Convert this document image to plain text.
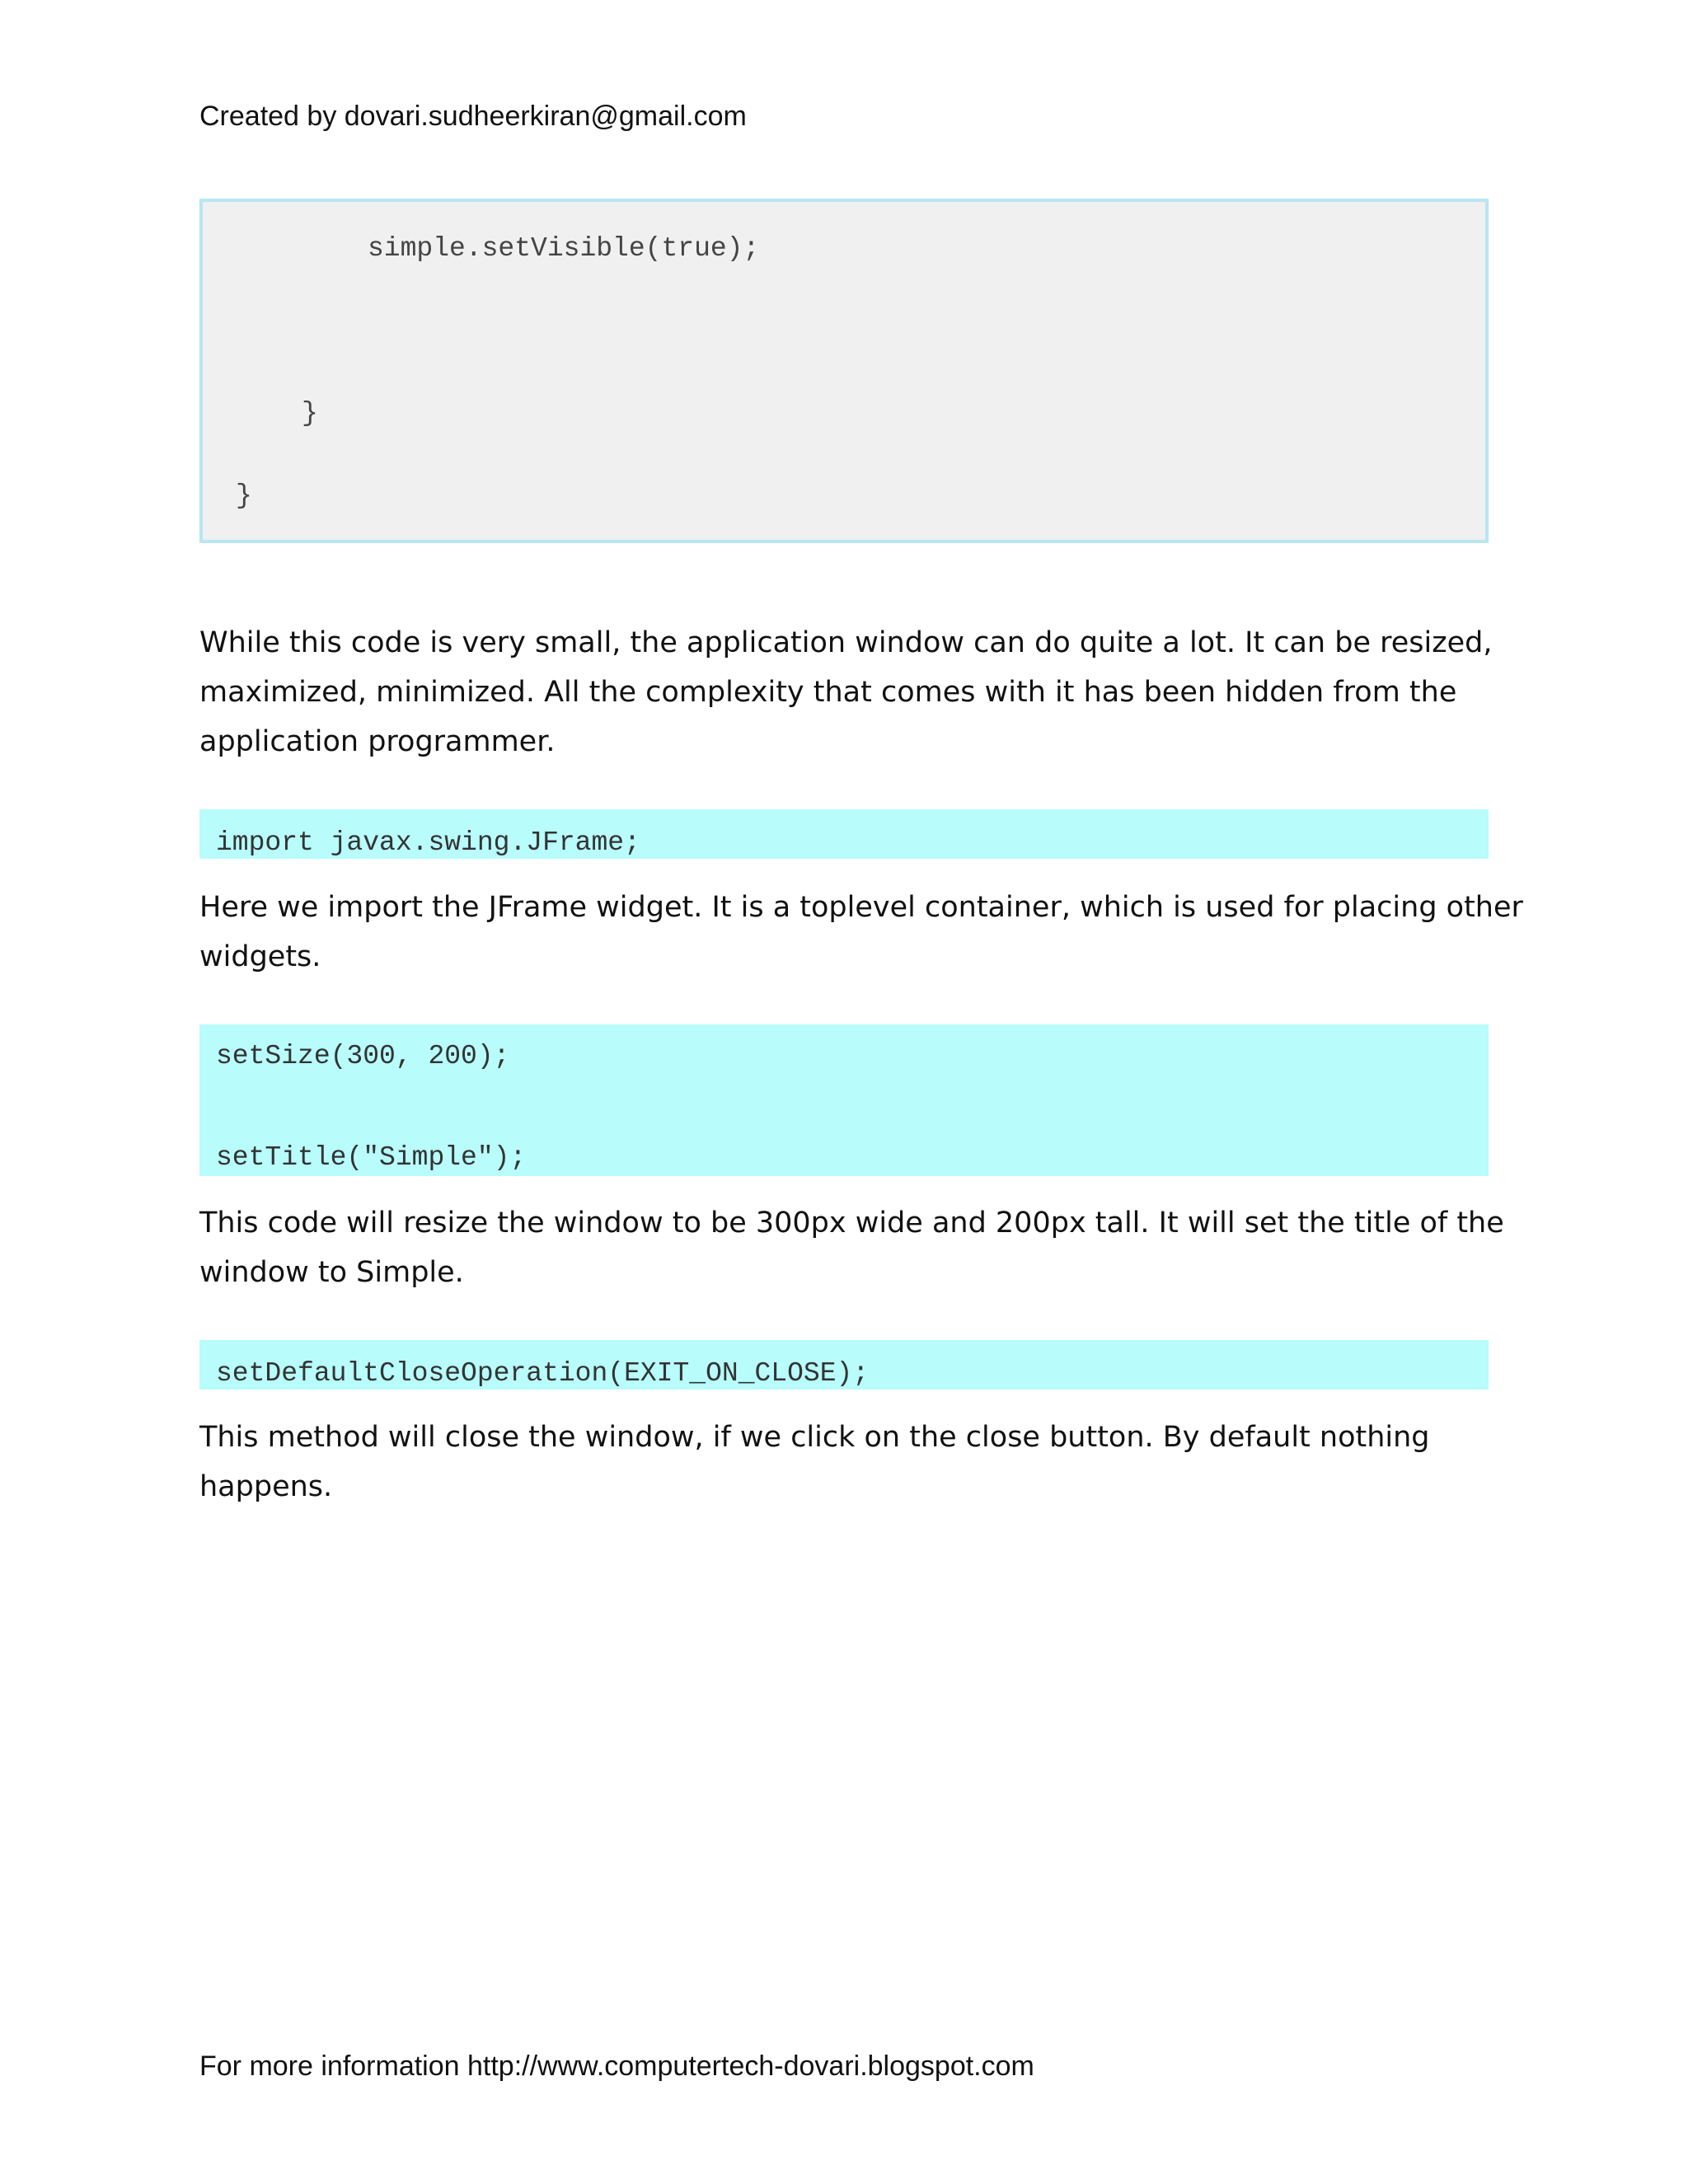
Created by dovari.sudheerkiran@gmail.com
simple.setVisible(true);
}
}
While this code is very small, the application window can do quite a lot. It can be resized,
maximized, minimized. All the complexity that comes with it has been hidden from the
application programmer.
import javax.swing.JFrame;
Here we import the JFrame widget. It is a toplevel container, which is used for placing other
widgets.
setSize(300, 200);
setTitle("Simple");
This code will resize the window to be 300px wide and 200px tall. It will set the title of the
window to Simple.
setDefaultCloseOperation(EXIT_ON_CLOSE);
This method will close the window, if we click on the close button. By default nothing
happens.
For more information http://www.computertech-dovari.blogspot.com
